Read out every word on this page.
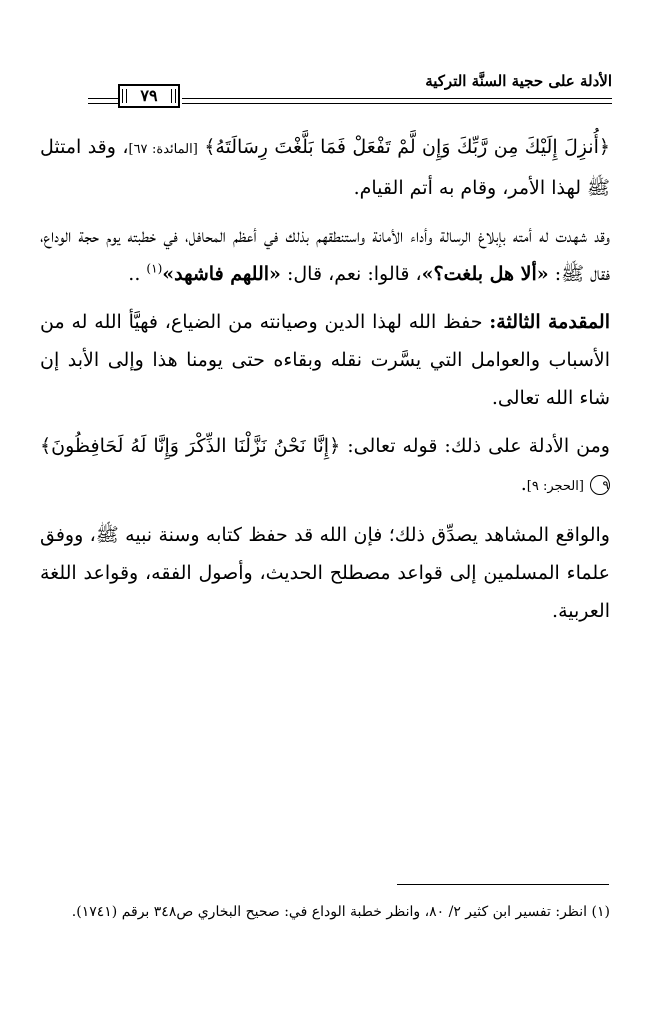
الأدلة على حجية السنَّة التركية
٧٩

﴿أُنزِلَ إِلَيْكَ مِن رَّبِّكَ وَإِن لَّمْ تَفْعَلْ فَمَا بَلَّغْتَ رِسَالَتَهُ﴾ [المائدة: ٦٧]، وقد امتثل ﷺ لهذا الأمر، وقام به أتم القيام.

وقد شهدت له أمته بإبلاغ الرسالة وأداء الأمانة واستنطقهم بذلك في أعظم المحافل، في خطبته يوم حجة الوداع، فقال ﷺ: «ألا هل بلغت؟»، قالوا: نعم، قال: «اللهم فاشهد»$^{(١)}$ ..

المقدمة الثالثة: حفظ الله لهذا الدين وصيانته من الضياع، فهيَّأ الله له من الأسباب والعوامل التي يسَّرت نقله وبقاءه حتى يومنا هذا وإلى الأبد إن شاء الله تعالى.

ومن الأدلة على ذلك: قوله تعالى: ﴿إِنَّا نَحْنُ نَزَّلْنَا الذِّكْرَ وَإِنَّا لَهُ لَحَافِظُونَ﴾ ٩ [الحجر: ٩].

والواقع المشاهد يصدِّق ذلك؛ فإن الله قد حفظ كتابه وسنة نبيه ﷺ، ووفق علماء المسلمين إلى قواعد مصطلح الحديث، وأصول الفقه، وقواعد اللغة العربية.

(١) انظر: تفسير ابن كثير ٢/ ٨٠، وانظر خطبة الوداع في: صحيح البخاري ص٣٤٨ برقم (١٧٤١).
